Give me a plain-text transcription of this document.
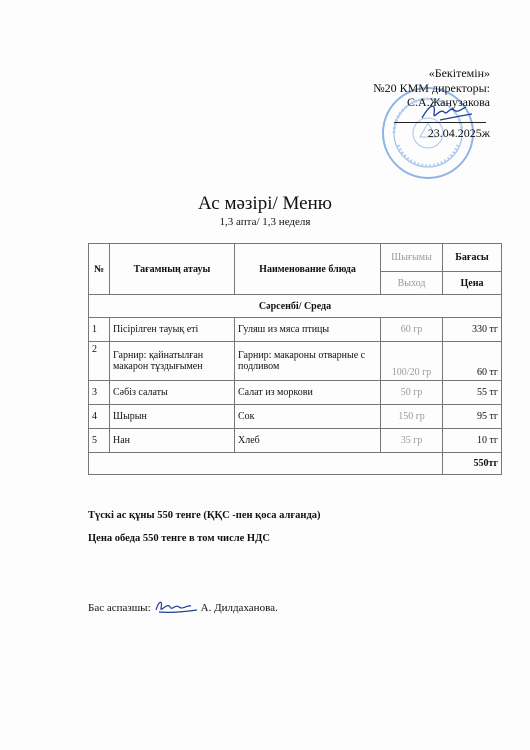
«Бекітемін»
№20 КММ директоры:
С.А.Жанузакова
23.04.2025ж
Ас мәзірі/ Меню
1,3 апта/ 1,3 неделя
№	Тағамның атауы	Наименование блюда	Шығымы	Бағасы
			Выход	Цена
Сәрсенбі/ Среда				
1	Пісірілген тауық еті	Гуляш из мяса птицы	60 гр	330 тг
2	Гарнир: қайнатылған макарон тұздығымен	Гарнир: макароны отварные с подливом	100/20 гр	60 тг
3	Сәбіз салаты	Салат из моркови	50 гр	55 тг
4	Шырын	Сок	150 гр	95 тг
5	Нан	Хлеб	35 гр	10 тг
				550тг
Түскі ас құны 550 тенге (ҚҚС -пен қоса алғанда)
Цена обеда 550 тенге в том числе НДС
Бас аспазшы:	А. Дилдаханова.
